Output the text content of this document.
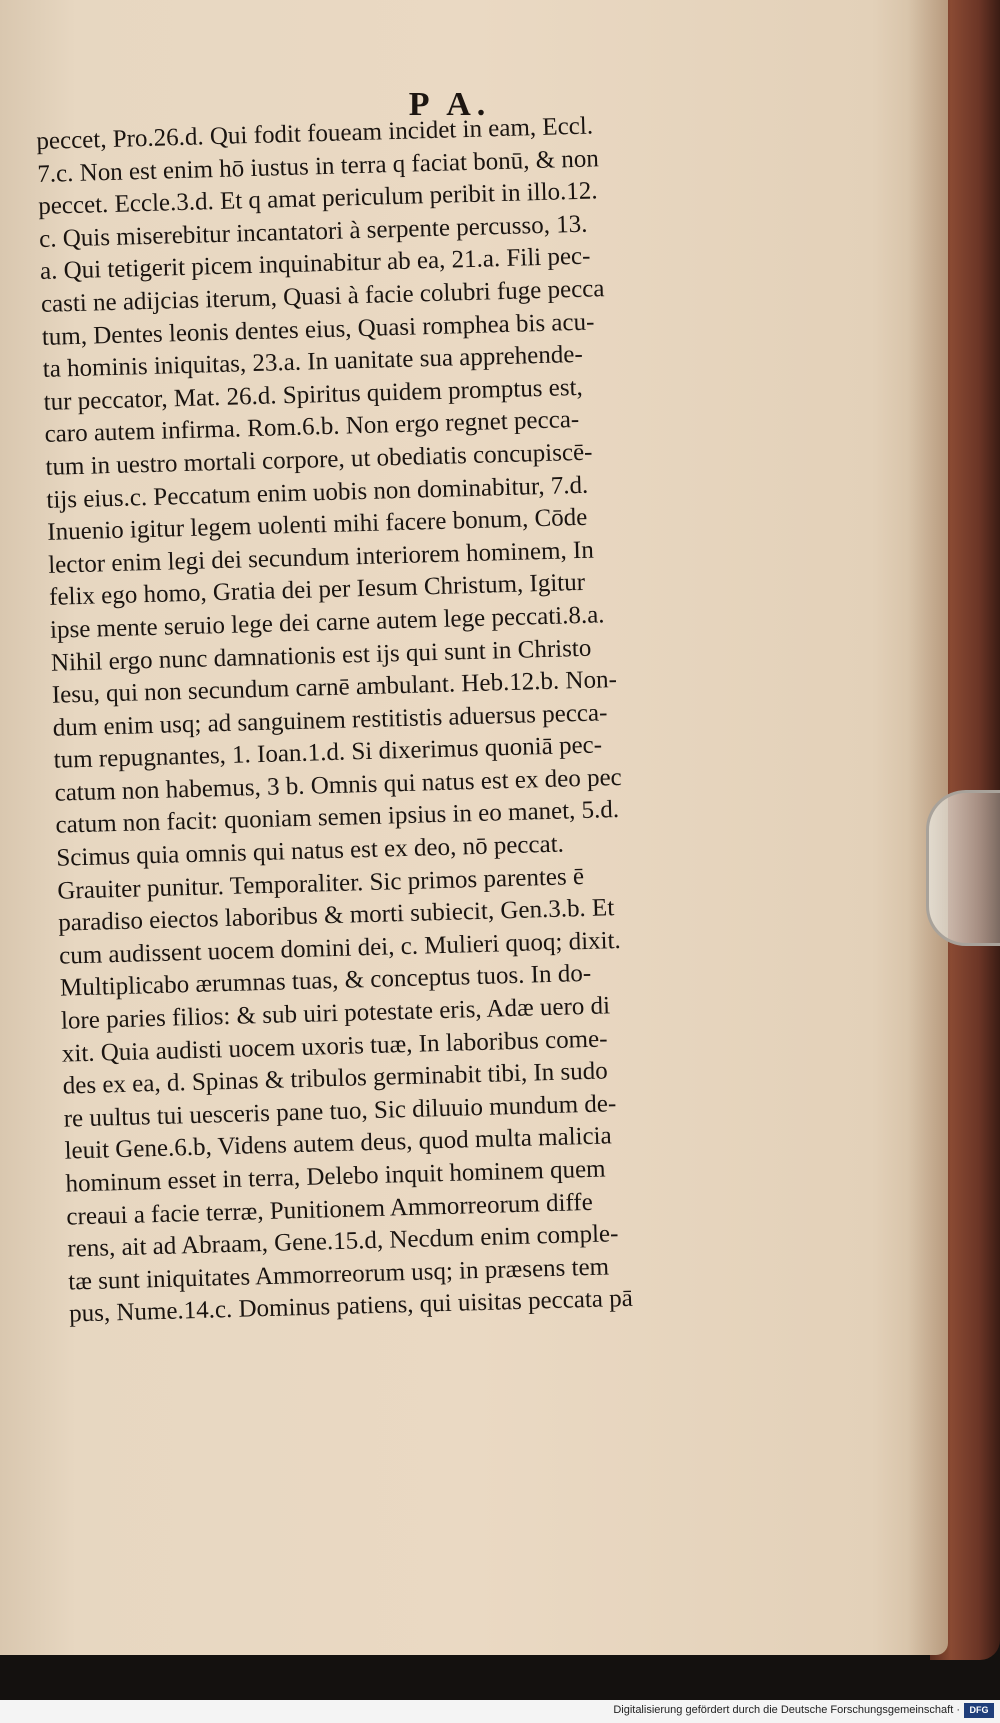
P A.
peccet, Pro.26.d. Qui fodit foueam incidet in eam, Eccl.
7.c. Non est enim hō iustus in terra q faciat bonū, & non
peccet. Eccle.3.d. Et q amat periculum peribit in illo.12.
c. Quis miserebitur incantatori à serpente percusso, 13.
a. Qui tetigerit picem inquinabitur ab ea, 21.a. Fili pec-
casti ne adijcias iterum, Quasi à facie colubri fuge pecca
tum, Dentes leonis dentes eius, Quasi romphea bis acu-
ta hominis iniquitas, 23.a. In uanitate sua apprehende-
tur peccator, Mat. 26.d. Spiritus quidem promptus est,
caro autem infirma. Rom.6.b. Non ergo regnet pecca-
tum in uestro mortali corpore, ut obediatis concupiscē-
tijs eius.c. Peccatum enim uobis non dominabitur, 7.d.
Inuenio igitur legem uolenti mihi facere bonum, Cōde
lector enim legi dei secundum interiorem hominem, In
felix ego homo, Gratia dei per Iesum Christum, Igitur
ipse mente seruio lege dei carne autem lege peccati.8.a.
Nihil ergo nunc damnationis est ijs qui sunt in Christo
Iesu, qui non secundum carnē ambulant. Heb.12.b. Non-
dum enim usq; ad sanguinem restitistis aduersus pecca-
tum repugnantes, 1. Ioan.1.d. Si dixerimus quoniā pec-
catum non habemus, 3 b. Omnis qui natus est ex deo pec
catum non facit: quoniam semen ipsius in eo manet, 5.d.
Scimus quia omnis qui natus est ex deo, nō peccat.
Grauiter punitur. Temporaliter. Sic primos parentes ē
paradiso eiectos laboribus & morti subiecit, Gen.3.b. Et
cum audissent uocem domini dei, c. Mulieri quoq; dixit.
Multiplicabo ærumnas tuas, & conceptus tuos. In do-
lore paries filios: & sub uiri potestate eris, Adæ uero di
xit. Quia audisti uocem uxoris tuæ, In laboribus come-
des ex ea, d. Spinas & tribulos germinabit tibi, In sudo
re uultus tui uesceris pane tuo, Sic diluuio mundum de-
leuit Gene.6.b, Videns autem deus, quod multa malicia
hominum esset in terra, Delebo inquit hominem quem
creaui a facie terræ, Punitionem Ammorreorum diffe
rens, ait ad Abraam, Gene.15.d, Necdum enim comple-
tæ sunt iniquitates Ammorreorum usq; in præsens tem
pus, Nume.14.c. Dominus patiens, qui uisitas peccata pā
Digitalisierung gefördert durch die Deutsche Forschungsgemeinschaft ·	DFG
